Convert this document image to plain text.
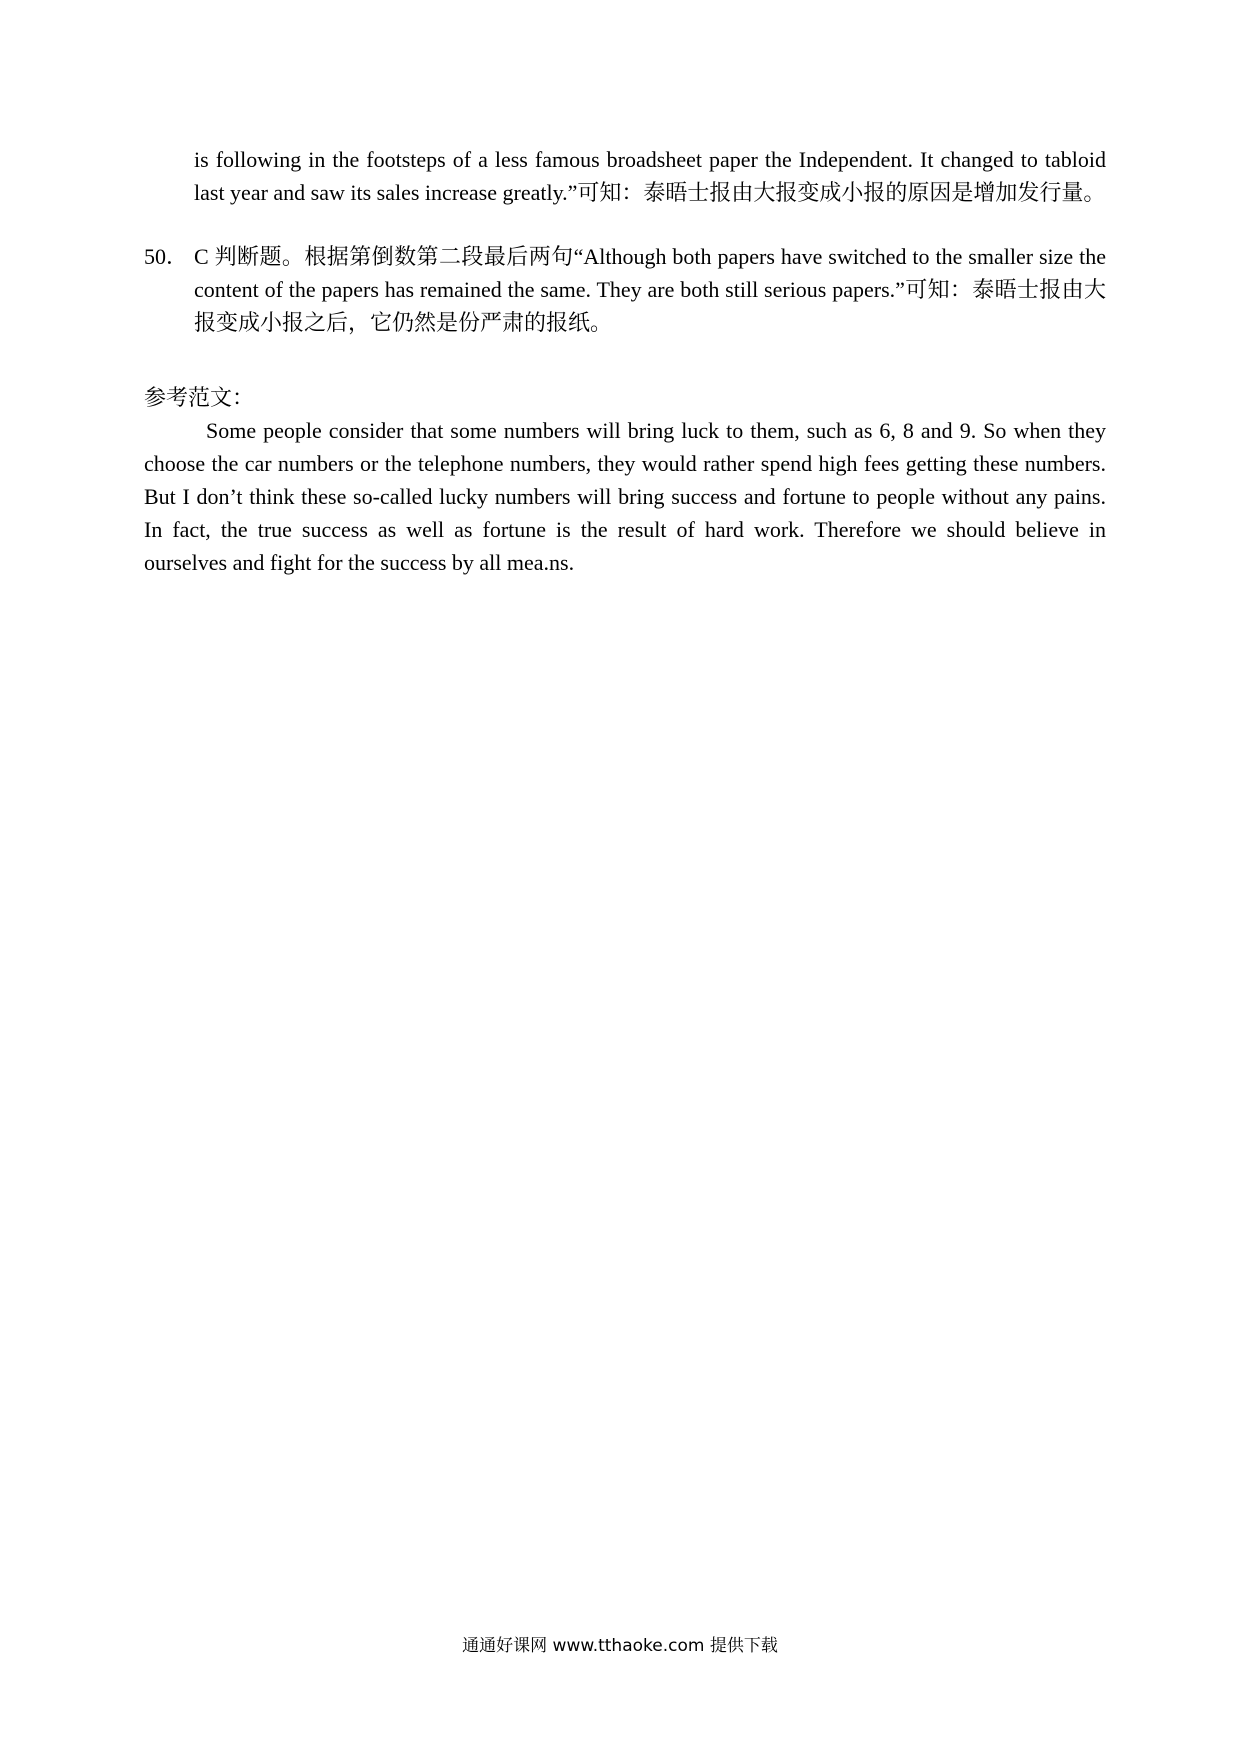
is following in the footsteps of a less famous broadsheet paper the Independent. It changed to tabloid last year and saw its sales increase greatly.”可知：泰晤士报由大报变成小报的原因是增加发行量。
50． C 判断题。根据第倒数第二段最后两句“Although both papers have switched to the smaller size the content of the papers has remained the same. They are both still serious papers.”可知：泰晤士报由大报变成小报之后，它仍然是份严肃的报纸。
参考范文：
Some people consider that some numbers will bring luck to them, such as 6, 8 and 9. So when they choose the car numbers or the telephone numbers, they would rather spend high fees getting these numbers. But I don’t think these so-called lucky numbers will bring success and fortune to people without any pains. In fact, the true success as well as fortune is the result of hard work. Therefore we should believe in ourselves and fight for the success by all mea.ns.
通通好课网 www.tthaoke.com 提供下载
